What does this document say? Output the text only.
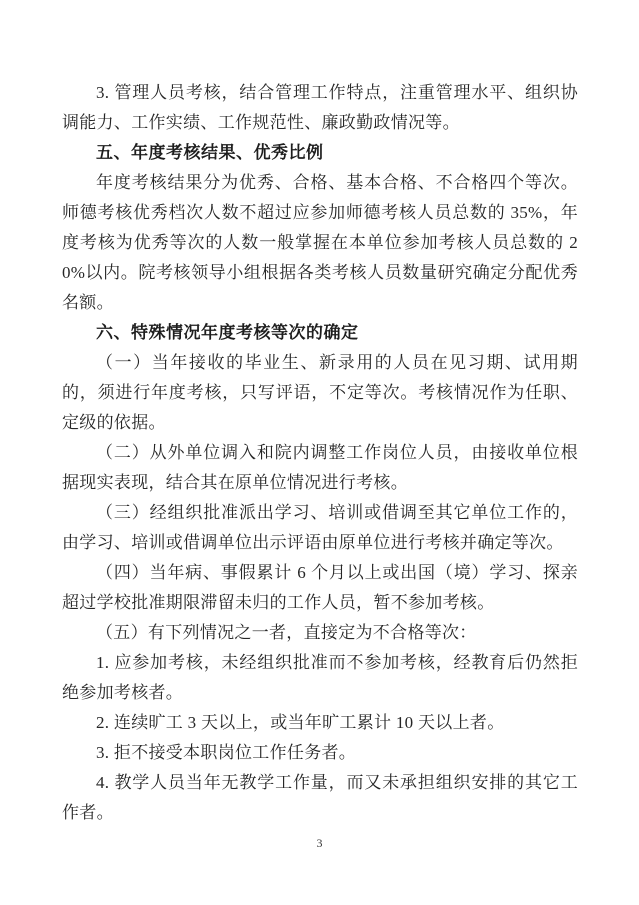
3. 管理人员考核，结合管理工作特点，注重管理水平、组织协调能力、工作实绩、工作规范性、廉政勤政情况等。

五、年度考核结果、优秀比例

年度考核结果分为优秀、合格、基本合格、不合格四个等次。师德考核优秀档次人数不超过应参加师德考核人员总数的 35%，年度考核为优秀等次的人数一般掌握在本单位参加考核人员总数的 20%以内。院考核领导小组根据各类考核人员数量研究确定分配优秀名额。

六、特殊情况年度考核等次的确定

（一）当年接收的毕业生、新录用的人员在见习期、试用期的，须进行年度考核，只写评语，不定等次。考核情况作为任职、定级的依据。

（二）从外单位调入和院内调整工作岗位人员，由接收单位根据现实表现，结合其在原单位情况进行考核。

（三）经组织批准派出学习、培训或借调至其它单位工作的，由学习、培训或借调单位出示评语由原单位进行考核并确定等次。

（四）当年病、事假累计 6 个月以上或出国（境）学习、探亲超过学校批准期限滞留未归的工作人员，暂不参加考核。

（五）有下列情况之一者，直接定为不合格等次：

1. 应参加考核，未经组织批准而不参加考核，经教育后仍然拒绝参加考核者。

2. 连续旷工 3 天以上，或当年旷工累计 10 天以上者。

3. 拒不接受本职岗位工作任务者。

4. 教学人员当年无教学工作量，而又未承担组织安排的其它工作者。

3
